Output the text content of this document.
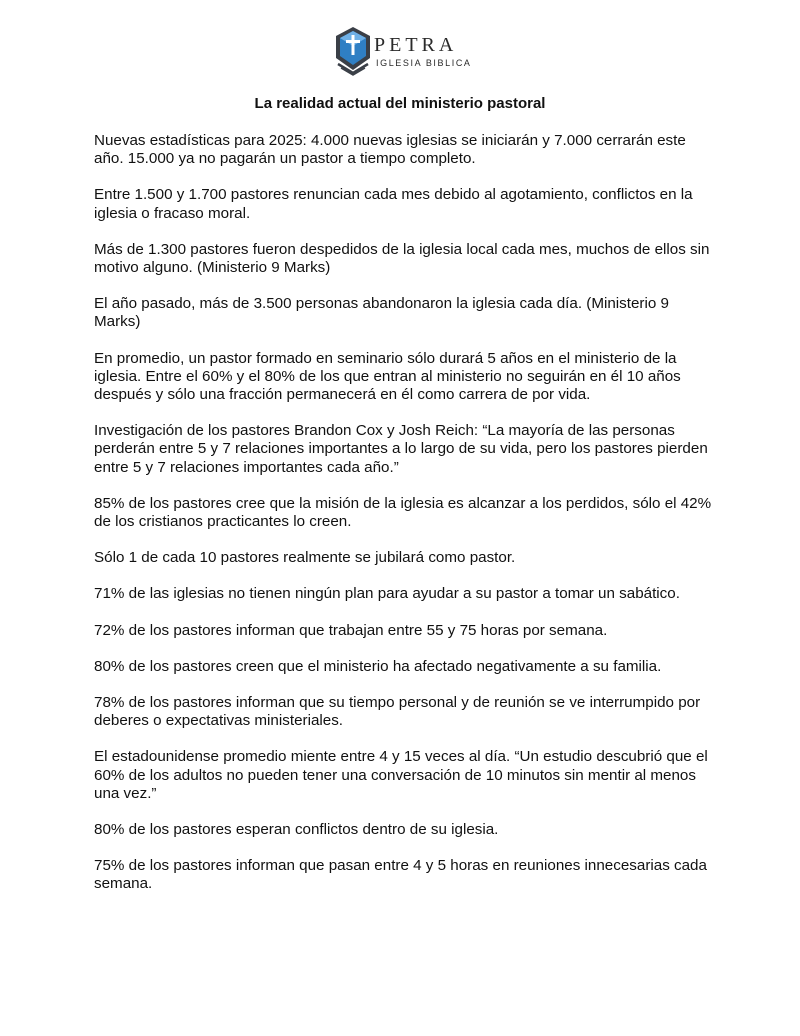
PETRA
IGLESIA BIBLICA
La realidad actual del ministerio pastoral

Nuevas estadísticas para 2025: 4.000 nuevas iglesias se iniciarán y 7.000 cerrarán este año. 15.000 ya no pagarán un pastor a tiempo completo.

Entre 1.500 y 1.700 pastores renuncian cada mes debido al agotamiento, conflictos en la iglesia o fracaso moral.

Más de 1.300 pastores fueron despedidos de la iglesia local cada mes, muchos de ellos sin motivo alguno. (Ministerio 9 Marks)

El año pasado, más de 3.500 personas abandonaron la iglesia cada día. (Ministerio 9 Marks)

En promedio, un pastor formado en seminario sólo durará 5 años en el ministerio de la iglesia. Entre el 60% y el 80% de los que entran al ministerio no seguirán en él 10 años después y sólo una fracción permanecerá en él como carrera de por vida.

Investigación de los pastores Brandon Cox y Josh Reich: “La mayoría de las personas perderán entre 5 y 7 relaciones importantes a lo largo de su vida, pero los pastores pierden entre 5 y 7 relaciones importantes cada año.”

85% de los pastores cree que la misión de la iglesia es alcanzar a los perdidos, sólo el 42% de los cristianos practicantes lo creen.

Sólo 1 de cada 10 pastores realmente se jubilará como pastor.

71% de las iglesias no tienen ningún plan para ayudar a su pastor a tomar un sabático.

72% de los pastores informan que trabajan entre 55 y 75 horas por semana.

80% de los pastores creen que el ministerio ha afectado negativamente a su familia.

78% de los pastores informan que su tiempo personal y de reunión se ve interrumpido por deberes o expectativas ministeriales.

El estadounidense promedio miente entre 4 y 15 veces al día. “Un estudio descubrió que el 60% de los adultos no pueden tener una conversación de 10 minutos sin mentir al menos una vez.”

80% de los pastores esperan conflictos dentro de su iglesia.

75% de los pastores informan que pasan entre 4 y 5 horas en reuniones innecesarias cada semana.
